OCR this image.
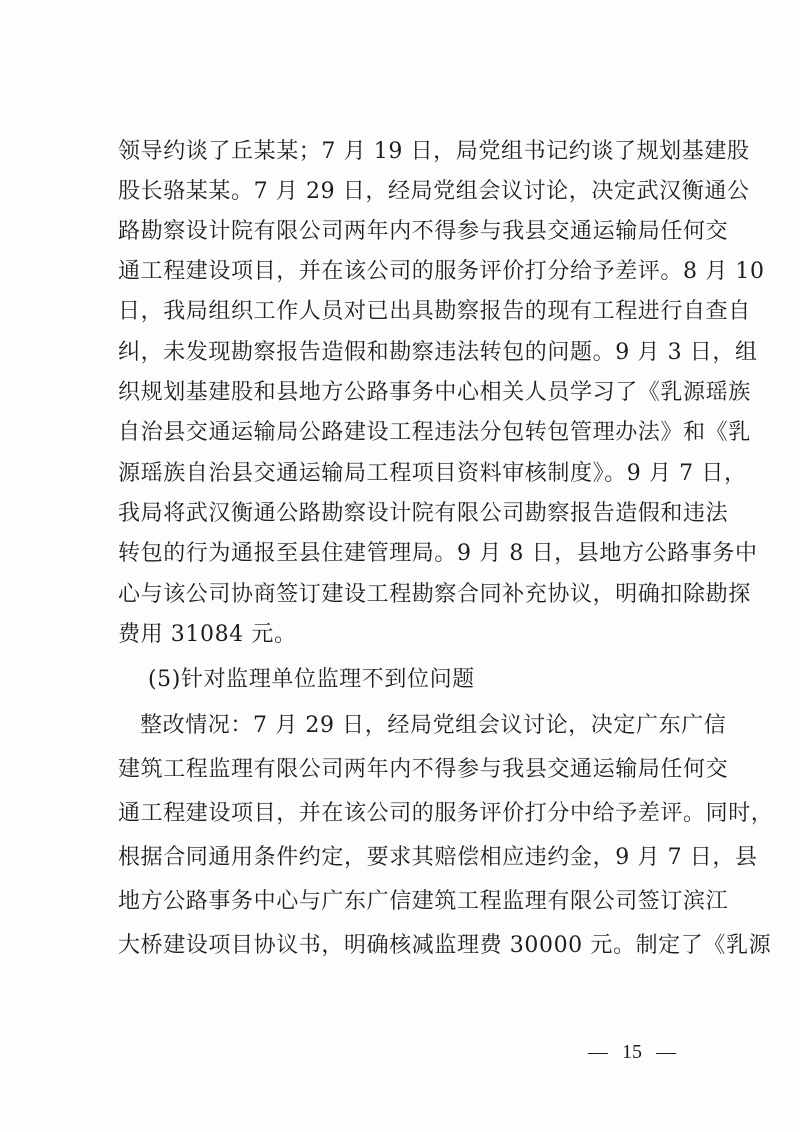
领导约谈了丘某某；7 月 19 日，局党组书记约谈了规划基建股
股长骆某某。7 月 29 日，经局党组会议讨论，决定武汉衡通公
路勘察设计院有限公司两年内不得参与我县交通运输局任何交
通工程建设项目，并在该公司的服务评价打分给予差评。8 月 10
日，我局组织工作人员对已出具勘察报告的现有工程进行自查自
纠，未发现勘察报告造假和勘察违法转包的问题。9 月 3 日，组
织规划基建股和县地方公路事务中心相关人员学习了《乳源瑶族
自治县交通运输局公路建设工程违法分包转包管理办法》和《乳
源瑶族自治县交通运输局工程项目资料审核制度》。9 月 7 日，
我局将武汉衡通公路勘察设计院有限公司勘察报告造假和违法
转包的行为通报至县住建管理局。9 月 8 日，县地方公路事务中
心与该公司协商签订建设工程勘察合同补充协议，明确扣除勘探
费用 31084 元。
(5)针对监理单位监理不到位问题
整改情况：7 月 29 日，经局党组会议讨论，决定广东广信
建筑工程监理有限公司两年内不得参与我县交通运输局任何交
通工程建设项目，并在该公司的服务评价打分中给予差评。同时，
根据合同通用条件约定，要求其赔偿相应违约金，9 月 7 日，县
地方公路事务中心与广东广信建筑工程监理有限公司签订滨江
大桥建设项目协议书，明确核减监理费 30000 元。制定了《乳源
— 15 —
